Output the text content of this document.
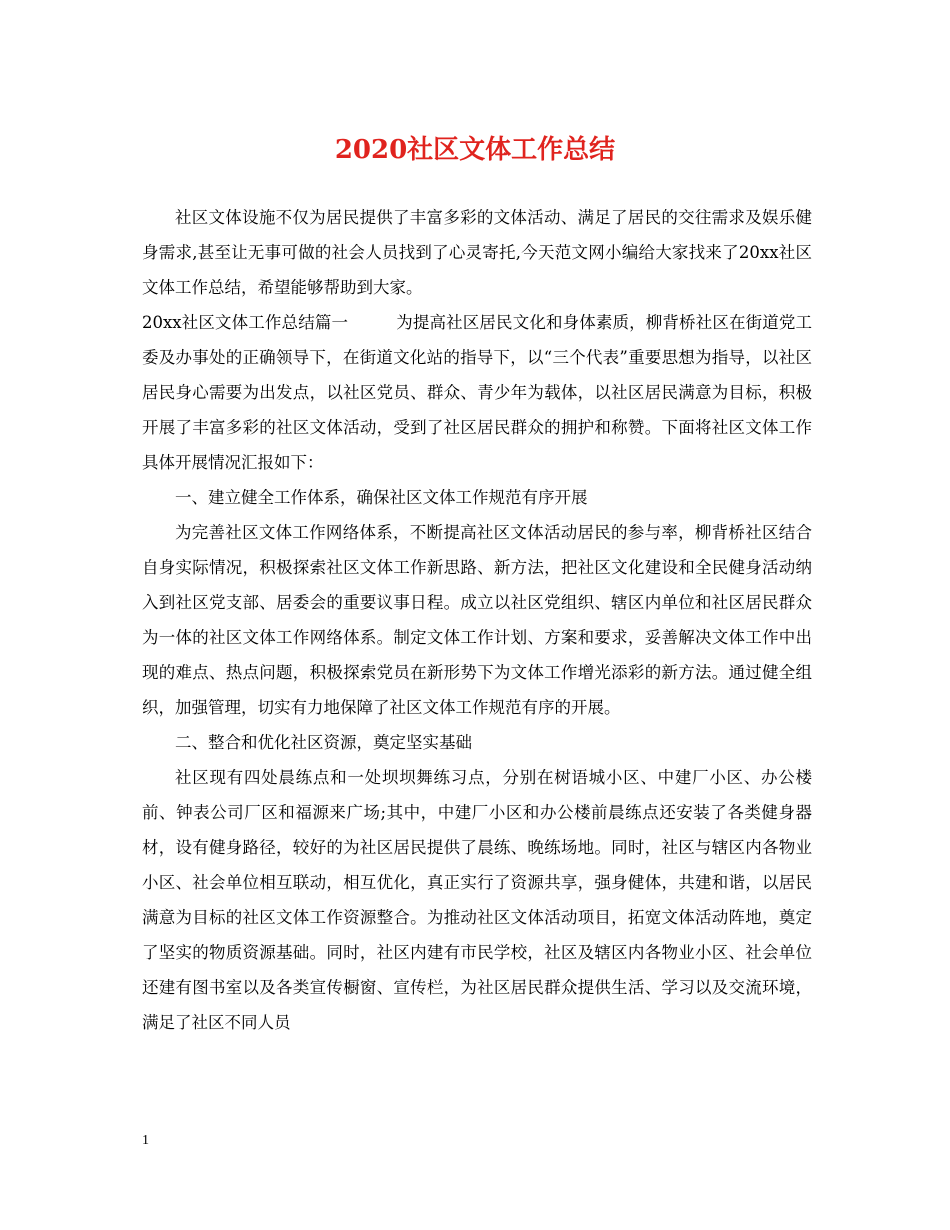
2020社区文体工作总结

社区文体设施不仅为居民提供了丰富多彩的文体活动、满足了居民的交往需求及娱乐健身需求,甚至让无事可做的社会人员找到了心灵寄托,今天范文网小编给大家找来了20xx社区文体工作总结，希望能够帮助到大家。

20xx社区文体工作总结篇一	为提高社区居民文化和身体素质，柳背桥社区在街道党工委及办事处的正确领导下，在街道文化站的指导下，以“三个代表”重要思想为指导，以社区居民身心需要为出发点，以社区党员、群众、青少年为载体，以社区居民满意为目标，积极开展了丰富多彩的社区文体活动，受到了社区居民群众的拥护和称赞。下面将社区文体工作具体开展情况汇报如下：

一、建立健全工作体系，确保社区文体工作规范有序开展

为完善社区文体工作网络体系，不断提高社区文体活动居民的参与率，柳背桥社区结合自身实际情况，积极探索社区文体工作新思路、新方法，把社区文化建设和全民健身活动纳入到社区党支部、居委会的重要议事日程。成立以社区党组织、辖区内单位和社区居民群众为一体的社区文体工作网络体系。制定文体工作计划、方案和要求，妥善解决文体工作中出现的难点、热点问题，积极探索党员在新形势下为文体工作增光添彩的新方法。通过健全组织，加强管理，切实有力地保障了社区文体工作规范有序的开展。

二、整合和优化社区资源，奠定坚实基础

社区现有四处晨练点和一处坝坝舞练习点，分别在树语城小区、中建厂小区、办公楼前、钟表公司厂区和福源来广场;其中，中建厂小区和办公楼前晨练点还安装了各类健身器材，设有健身路径，较好的为社区居民提供了晨练、晚练场地。同时，社区与辖区内各物业小区、社会单位相互联动，相互优化，真正实行了资源共享，强身健体，共建和谐，以居民满意为目标的社区文体工作资源整合。为推动社区文体活动项目，拓宽文体活动阵地，奠定了坚实的物质资源基础。同时，社区内建有市民学校，社区及辖区内各物业小区、社会单位还建有图书室以及各类宣传橱窗、宣传栏，为社区居民群众提供生活、学习以及交流环境，满足了社区不同人员

1
